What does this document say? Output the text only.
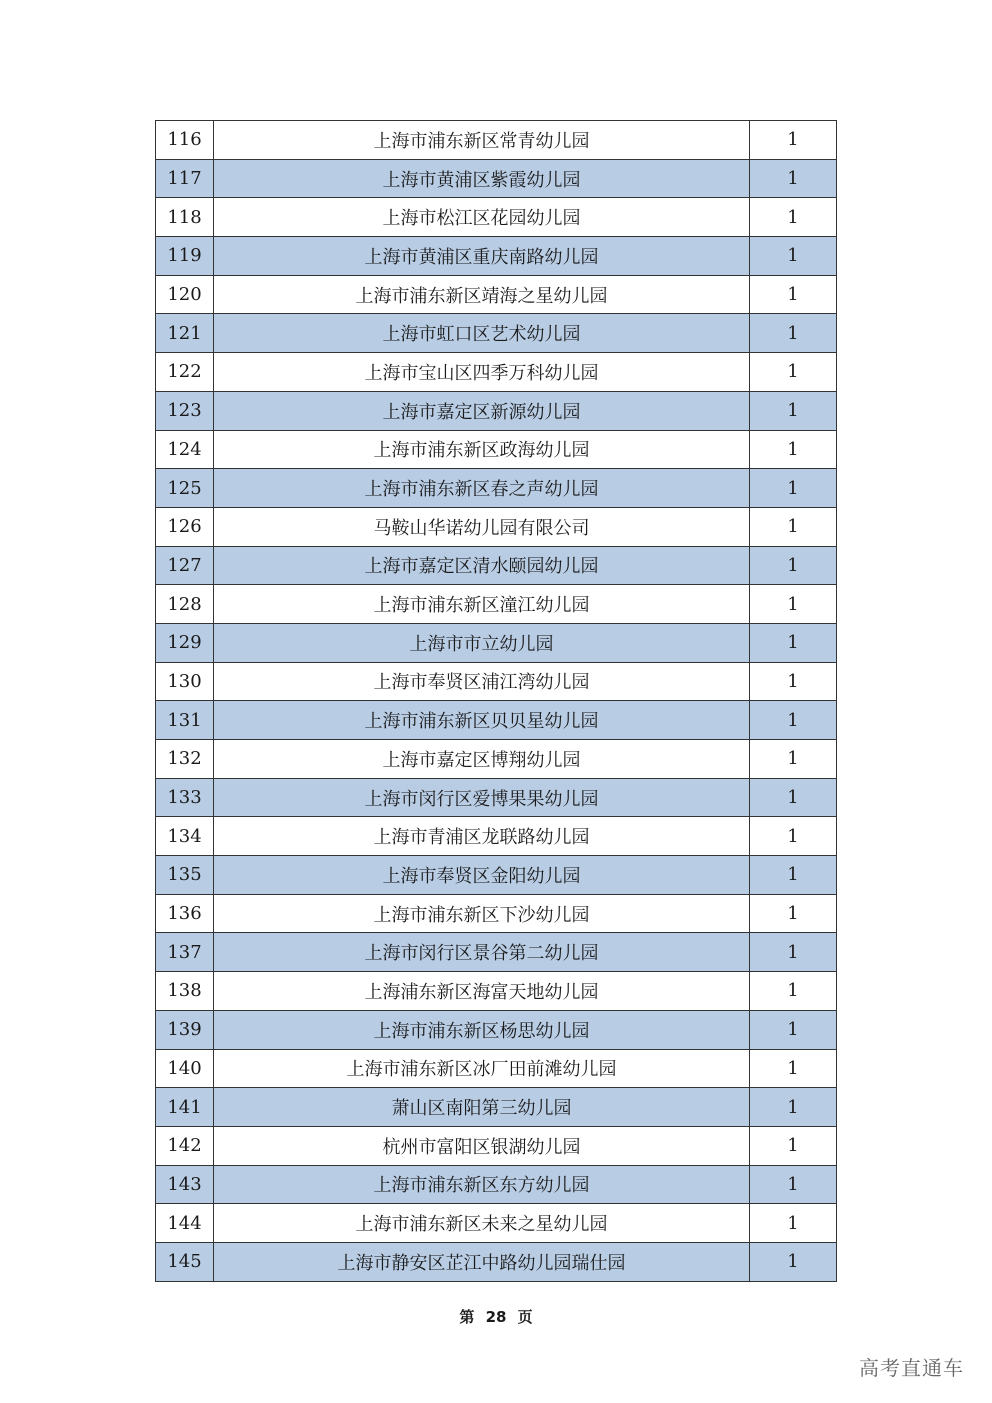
116	上海市浦东新区常青幼儿园	1
117	上海市黄浦区紫霞幼儿园	1
118	上海市松江区花园幼儿园	1
119	上海市黄浦区重庆南路幼儿园	1
120	上海市浦东新区靖海之星幼儿园	1
121	上海市虹口区艺术幼儿园	1
122	上海市宝山区四季万科幼儿园	1
123	上海市嘉定区新源幼儿园	1
124	上海市浦东新区政海幼儿园	1
125	上海市浦东新区春之声幼儿园	1
126	马鞍山华诺幼儿园有限公司	1
127	上海市嘉定区清水颐园幼儿园	1
128	上海市浦东新区潼江幼儿园	1
129	上海市市立幼儿园	1
130	上海市奉贤区浦江湾幼儿园	1
131	上海市浦东新区贝贝星幼儿园	1
132	上海市嘉定区博翔幼儿园	1
133	上海市闵行区爱博果果幼儿园	1
134	上海市青浦区龙联路幼儿园	1
135	上海市奉贤区金阳幼儿园	1
136	上海市浦东新区下沙幼儿园	1
137	上海市闵行区景谷第二幼儿园	1
138	上海浦东新区海富天地幼儿园	1
139	上海市浦东新区杨思幼儿园	1
140	上海市浦东新区冰厂田前滩幼儿园	1
141	萧山区南阳第三幼儿园	1
142	杭州市富阳区银湖幼儿园	1
143	上海市浦东新区东方幼儿园	1
144	上海市浦东新区未来之星幼儿园	1
145	上海市静安区芷江中路幼儿园瑞仕园	1
第 28 页
高考直通车
